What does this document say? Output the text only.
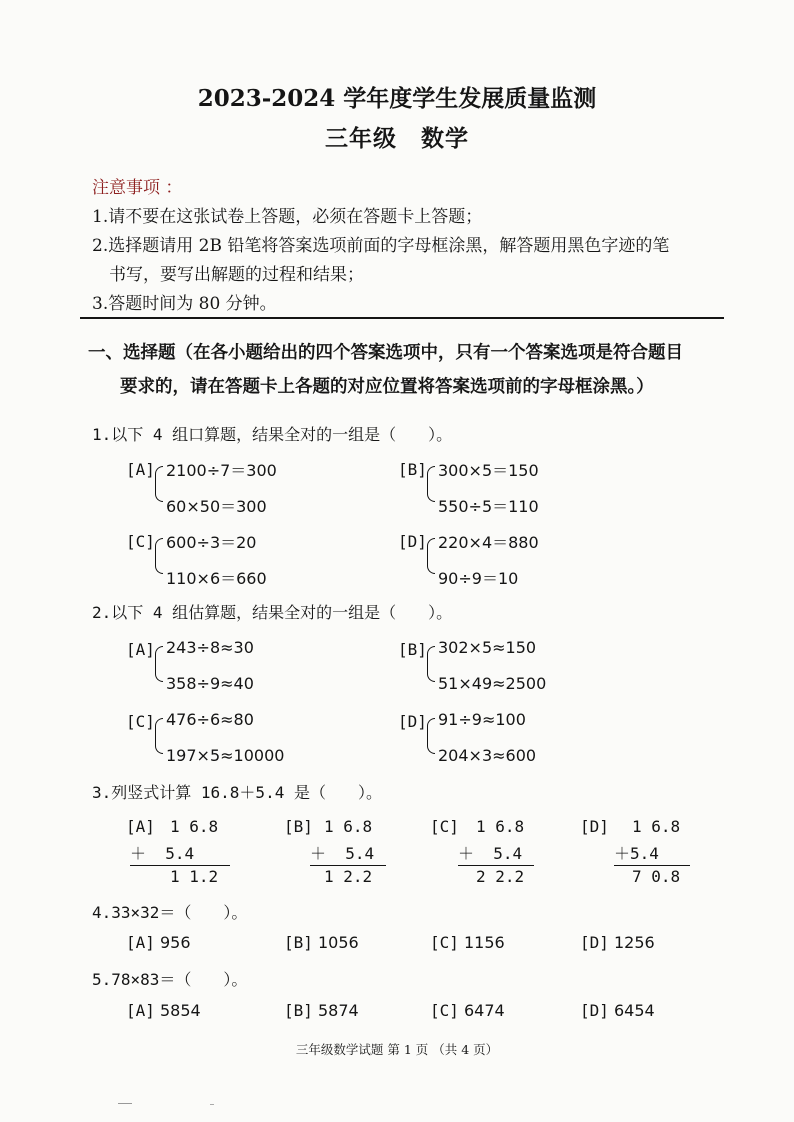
2023-2024 学年度学生发展质量监测
三年级　数学

注意事项 ：

1.请不要在这张试卷上答题，必须在答题卡上答题；

2.选择题请用 2B 铅笔将答案选项前面的字母框涂黑，解答题用黑色字迹的笔

书写，要写出解题的过程和结果；

3.答题时间为 80 分钟。

一、选择题（在各小题给出的四个答案选项中，只有一个答案选项是符合题目
要求的，请在答题卡上各题的对应位置将答案选项前的字母框涂黑。）
1.以下 4 组口算题，结果全对的一组是（　　）。
[A] 2100÷7＝300
60×50＝300
[B] 300×5＝150
550÷5＝110
[C] 600÷3＝20
110×6＝660
[D] 220×4＝880
90÷9＝10
2.以下 4 组估算题，结果全对的一组是（　　）。
[A] 243÷8≈30
358÷9≈40
[B] 302×5≈150
51×49≈2500
[C] 476÷6≈80
197×5≈10000
[D] 91÷9≈100
204×3≈600
3.列竖式计算 16.8＋5.4 是（　　）。
[A] 1 6.8
＋  5.4
1 1.2
[B] 1 6.8
＋  5.4
1 2.2
[C] 1 6.8
＋  5.4
2 2.2
[D] 1 6.8
＋5.4
7 0.8
4.33×32＝（　　）。
[A] 956	[B] 1056	[C] 1156	[D] 1256
5.78×83＝（　　）。
[A] 5854	[B] 5874	[C] 6474	[D] 6454
三年级数学试题 第 1 页 （共 4 页）
